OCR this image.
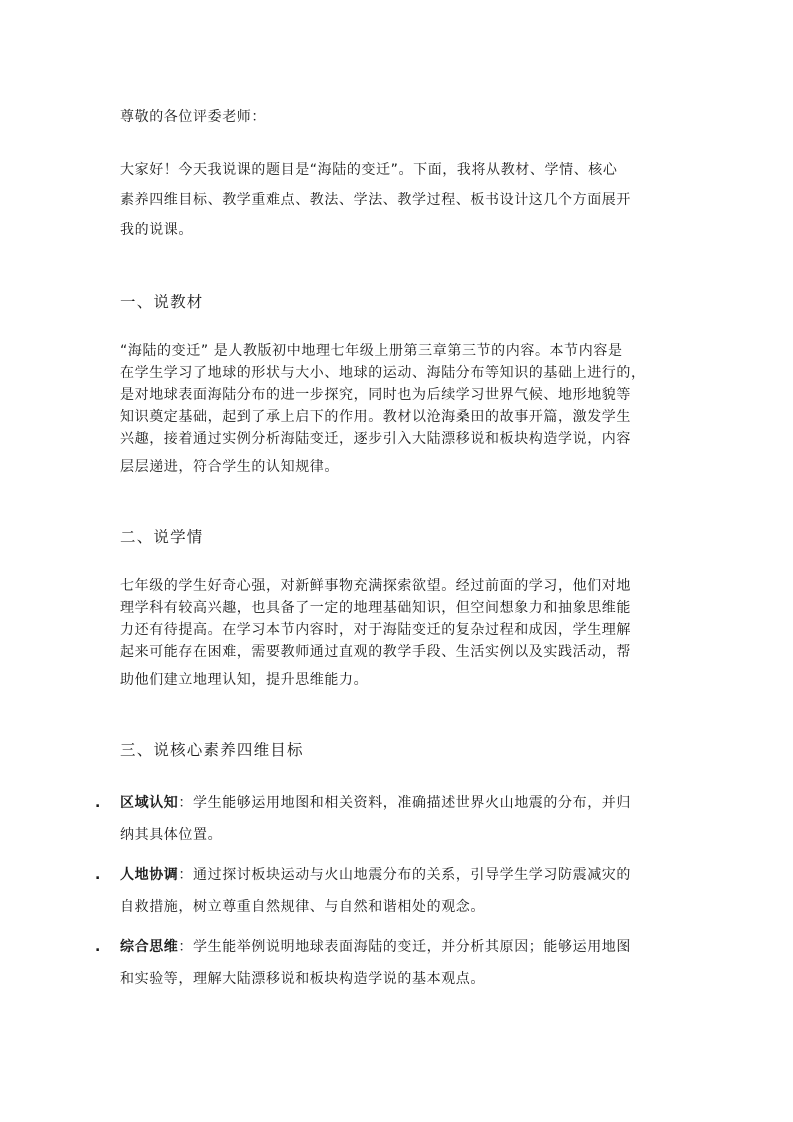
尊敬的各位评委老师：

大家好！今天我说课的题目是“海陆的变迁”。下面，我将从教材、学情、核心
素养四维目标、教学重难点、教法、学法、教学过程、板书设计这几个方面展开
我的说课。

一、说教材

“海陆的变迁” 是人教版初中地理七年级上册第三章第三节的内容。本节内容是
在学生学习了地球的形状与大小、地球的运动、海陆分布等知识的基础上进行的，
是对地球表面海陆分布的进一步探究，同时也为后续学习世界气候、地形地貌等
知识奠定基础，起到了承上启下的作用。教材以沧海桑田的故事开篇，激发学生
兴趣，接着通过实例分析海陆变迁，逐步引入大陆漂移说和板块构造学说，内容
层层递进，符合学生的认知规律。

二、说学情

七年级的学生好奇心强，对新鲜事物充满探索欲望。经过前面的学习，他们对地
理学科有较高兴趣，也具备了一定的地理基础知识，但空间想象力和抽象思维能
力还有待提高。在学习本节内容时，对于海陆变迁的复杂过程和成因，学生理解
起来可能存在困难，需要教师通过直观的教学手段、生活实例以及实践活动，帮
助他们建立地理认知，提升思维能力。

三、说核心素养四维目标
. 区域认知：学生能够运用地图和相关资料，准确描述世界火山地震的分布，并归
纳其具体位置。
. 人地协调：通过探讨板块运动与火山地震分布的关系，引导学生学习防震减灾的
自救措施，树立尊重自然规律、与自然和谐相处的观念。
. 综合思维：学生能举例说明地球表面海陆的变迁，并分析其原因；能够运用地图
和实验等，理解大陆漂移说和板块构造学说的基本观点。
